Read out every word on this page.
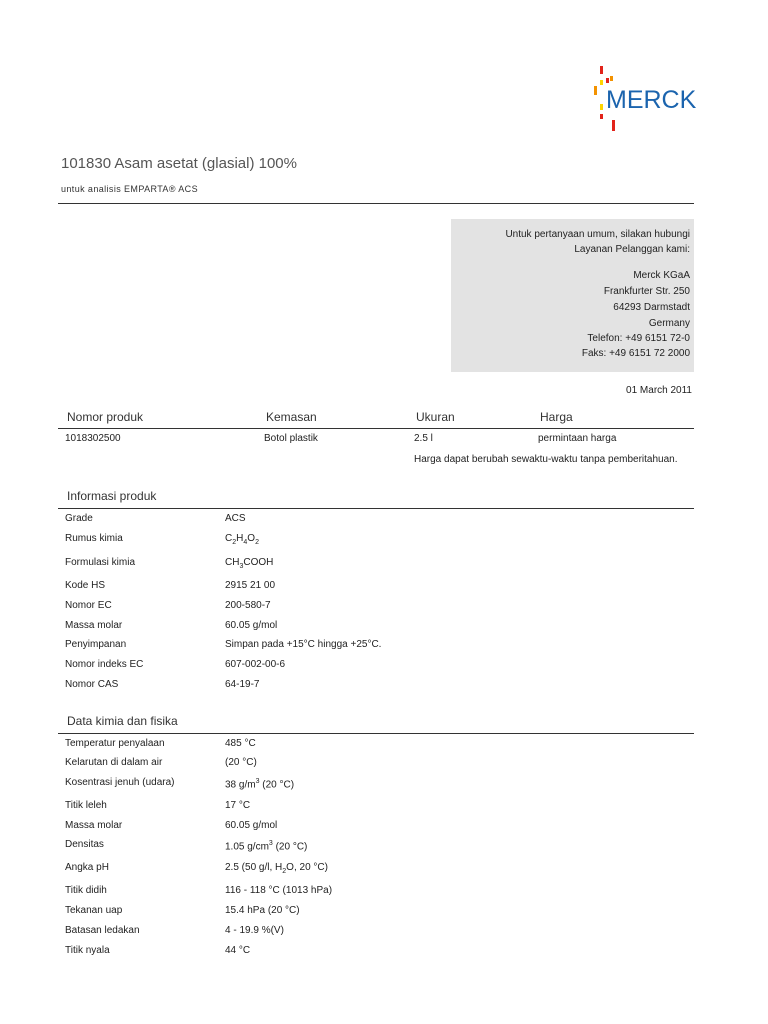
MERCK
101830 Asam asetat (glasial) 100%
untuk analisis EMPARTA® ACS
Untuk pertanyaan umum, silakan hubungi
Layanan Pelanggan kami:
Merck KGaA
Frankfurter Str. 250
64293 Darmstadt
Germany
Telefon: +49 6151 72-0
Faks: +49 6151 72 2000
01 March 2011
Nomor produk	Kemasan	Ukuran	Harga
1018302500	Botol plastik	2.5 l	permintaan harga
Harga dapat berubah sewaktu-waktu tanpa pemberitahuan.
Informasi produk
Grade	ACS
Rumus kimia	$C_2H_4O_2$
Formulasi kimia	$CH_3COOH$
Kode HS	2915 21 00
Nomor EC	200-580-7
Massa molar	60.05 g/mol
Penyimpanan	Simpan pada +15°C hingga +25°C.
Nomor indeks EC	607-002-00-6
Nomor CAS	64-19-7
Data kimia dan fisika
Temperatur penyalaan	485 °C
Kelarutan di dalam air	(20 °C)
Kosentrasi jenuh (udara)	38 $g/m^3$ (20 °C)
Titik leleh	17 °C
Massa molar	60.05 g/mol
Densitas	1.05 $g/cm^3$ (20 °C)
Angka pH	2.5 (50 g/l, $H_2O$, 20 °C)
Titik didih	116 - 118 °C (1013 hPa)
Tekanan uap	15.4 hPa (20 °C)
Batasan ledakan	4 - 19.9 %(V)
Titik nyala	44 °C
